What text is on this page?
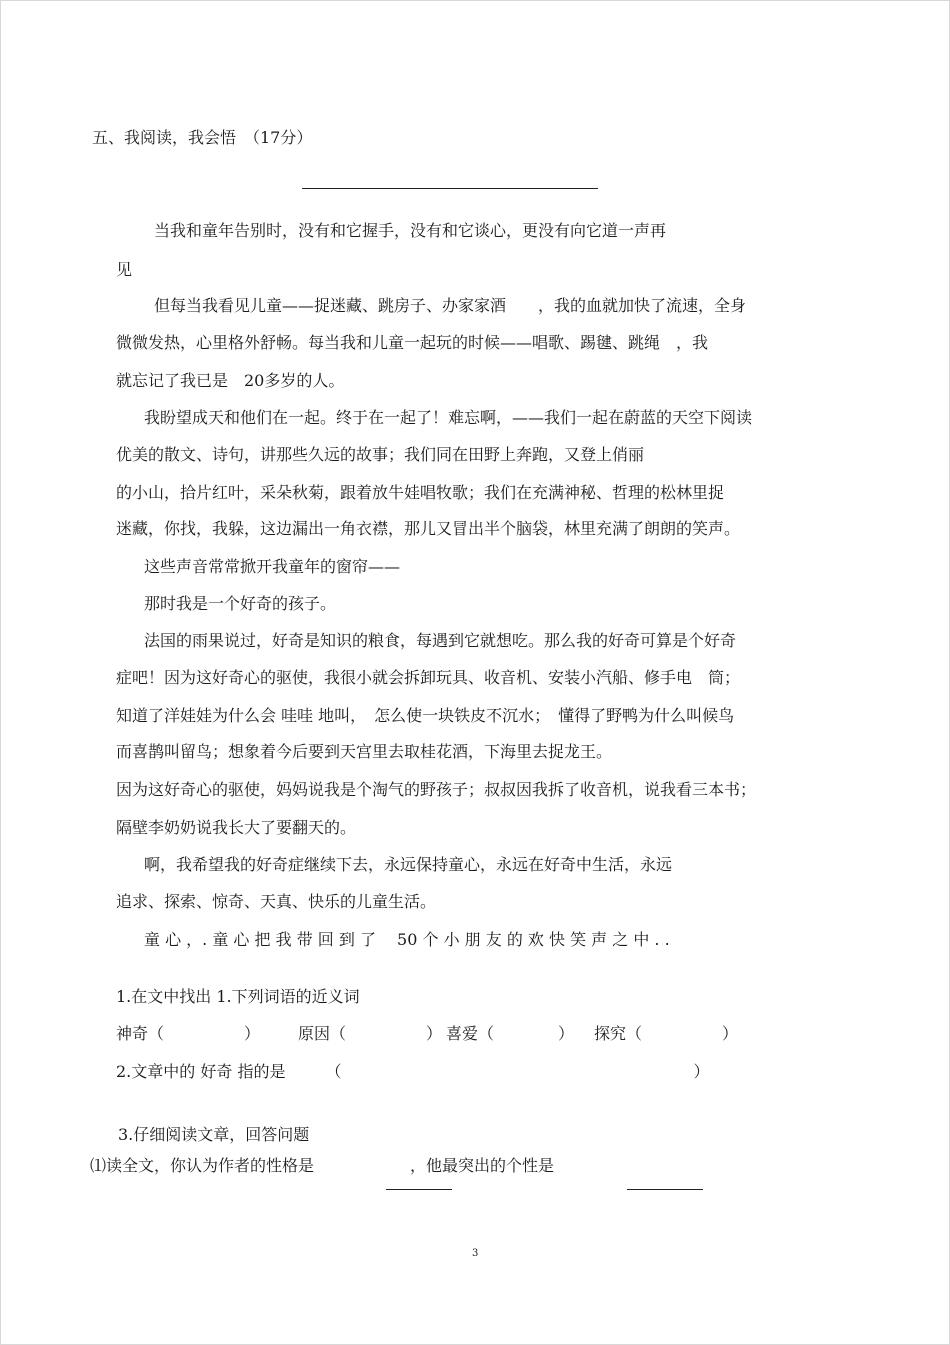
五、我阅读，我会悟　（17分）
当我和童年告别时，没有和它握手，没有和它谈心，更没有向它道一声再
见
但每当我看见儿童——捉迷藏、跳房子、办家家酒　　，我的血就加快了流速，全身
微微发热，心里格外舒畅。每当我和儿童一起玩的时候——唱歌、踢毽、跳绳　，我
就忘记了我已是　20多岁的人。
我盼望成天和他们在一起。终于在一起了！难忘啊，——我们一起在蔚蓝的天空下阅读
优美的散文、诗句，讲那些久远的故事；我们同在田野上奔跑，又登上俏丽
的小山，拾片红叶，采朵秋菊，跟着放牛娃唱牧歌；我们在充满神秘、哲理的松林里捉
迷藏，你找，我躲，这边漏出一角衣襟，那儿又冒出半个脑袋，林里充满了朗朗的笑声。
这些声音常常掀开我童年的窗帘——
那时我是一个好奇的孩子。
法国的雨果说过，好奇是知识的粮食，每遇到它就想吃。那么我的好奇可算是个好奇
症吧！因为这好奇心的驱使，我很小就会拆卸玩具、收音机、安装小汽船、修手电　筒；
知道了洋娃娃为什么会 哇哇 地叫，　怎么使一块铁皮不沉水；　懂得了野鸭为什么叫候鸟
而喜鹊叫留鸟；想象着今后要到天宫里去取桂花酒，下海里去捉龙王。
因为这好奇心的驱使，妈妈说我是个淘气的野孩子；叔叔因我拆了收音机，说我看三本书；
隔壁李奶奶说我长大了要翻天的。
啊，我希望我的好奇症继续下去，永远保持童心，永远在好奇中生活，永远
追求、探索、惊奇、天真、快乐的儿童生活。
童 心 ，. 童 心 把 我 带 回 到 了　 50 个 小 朋 友 的 欢 快 笑 声 之 中 . .
1.在文中找出 1.下列词语的近义词
神奇（　　　　　） 原因（　　　　　） 喜爱（　　　　） 探究（　　　　　）
2.文章中的 好奇 指的是　　　（　　　　　　　　　　　　　　　　　　　　　　）
3.仔细阅读文章，回答问题
⑴读全文，你认为作者的性格是　　　　　　，他最突出的个性是
3
